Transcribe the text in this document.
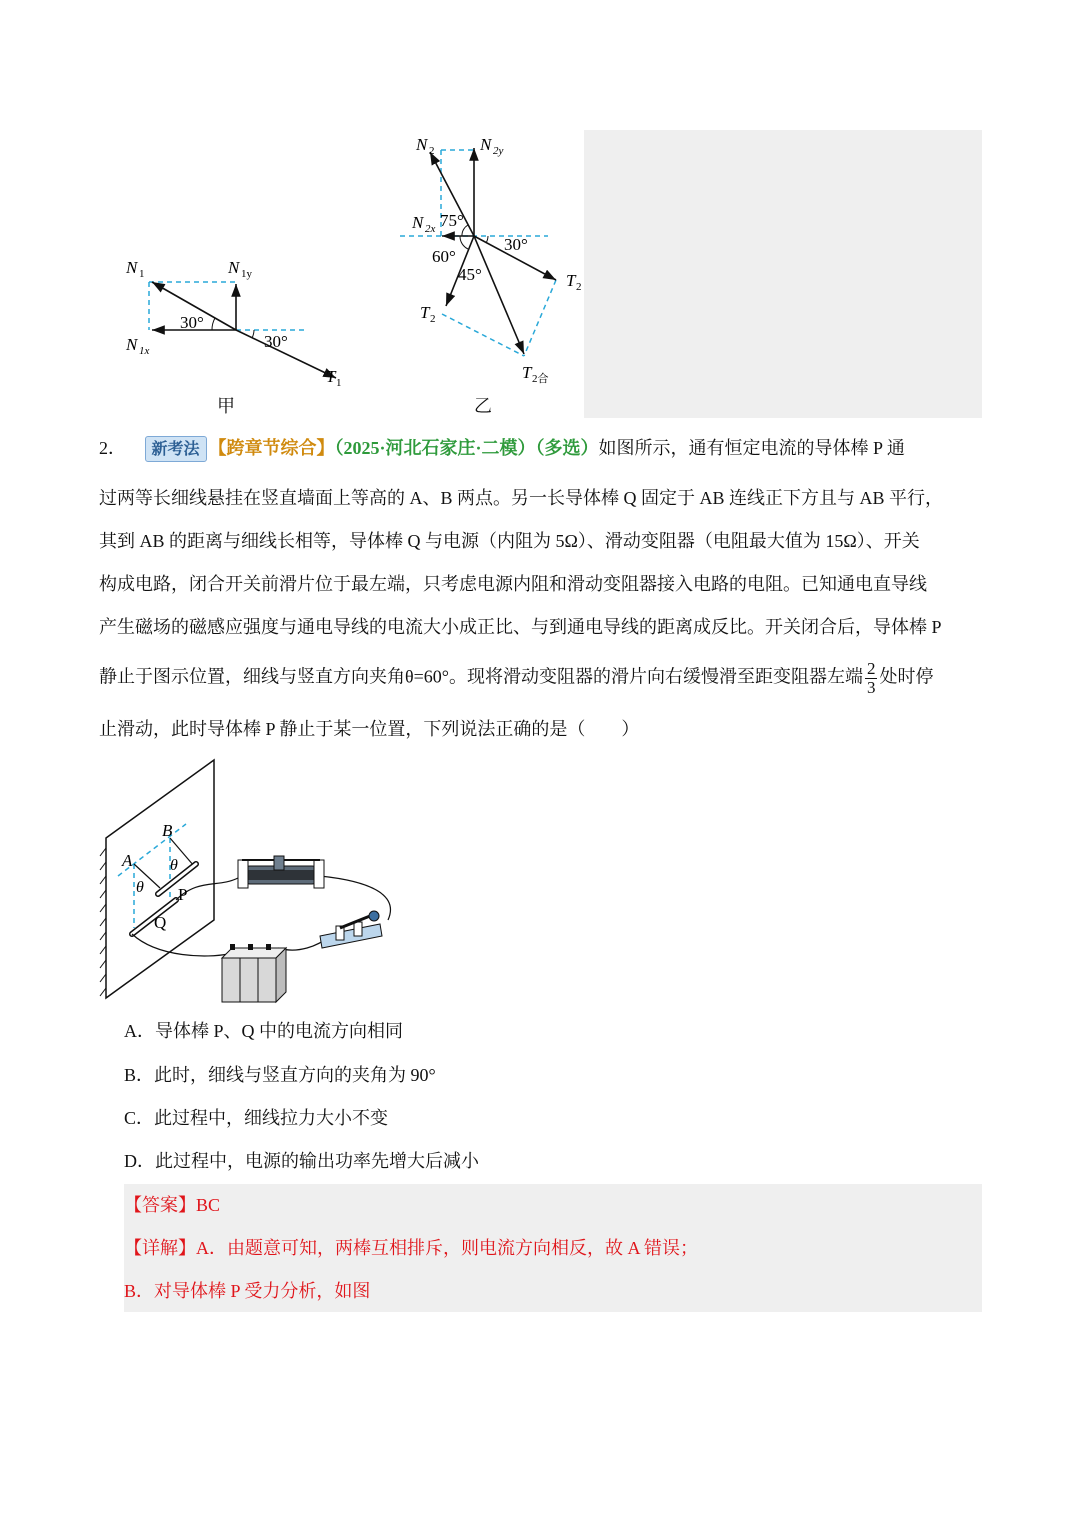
N 1	N 1y
N 1x
30°
30°
T 1
甲
N 2	N 2y
N 2x 75°
30°
60°
45°	T 2
T 2
T 2合
乙
2． 新考法 【跨章节综合】（2025·河北石家庄·二模）（多选）如图所示，通有恒定电流的导体棒 P 通
过两等长细线悬挂在竖直墙面上等高的 A、B 两点。另一长导体棒 Q 固定于 AB 连线正下方且与 AB 平行，
其到 AB 的距离与细线长相等，导体棒 Q 与电源（内阻为 5Ω）、滑动变阻器（电阻最大值为 15Ω）、开关
构成电路，闭合开关前滑片位于最左端，只考虑电源内阻和滑动变阻器接入电路的电阻。已知通电直导线
产生磁场的磁感应强度与通电导线的电流大小成正比、与到通电导线的距离成反比。开关闭合后，导体棒 P
静止于图示位置，细线与竖直方向夹角θ=60°。现将滑动变阻器的滑片向右缓慢滑至距变阻器左端 $\frac{2}{3}$ 处时停
止滑动，此时导体棒 P 静止于某一位置，下列说法正确的是（　　）
B
A θ
θ P
Q
A．导体棒 P、Q 中的电流方向相同
B．此时，细线与竖直方向的夹角为 90°
C．此过程中，细线拉力大小不变
D．此过程中，电源的输出功率先增大后减小
【答案】BC
【详解】A．由题意可知，两棒互相排斥，则电流方向相反，故 A 错误；
B．对导体棒 P 受力分析，如图
